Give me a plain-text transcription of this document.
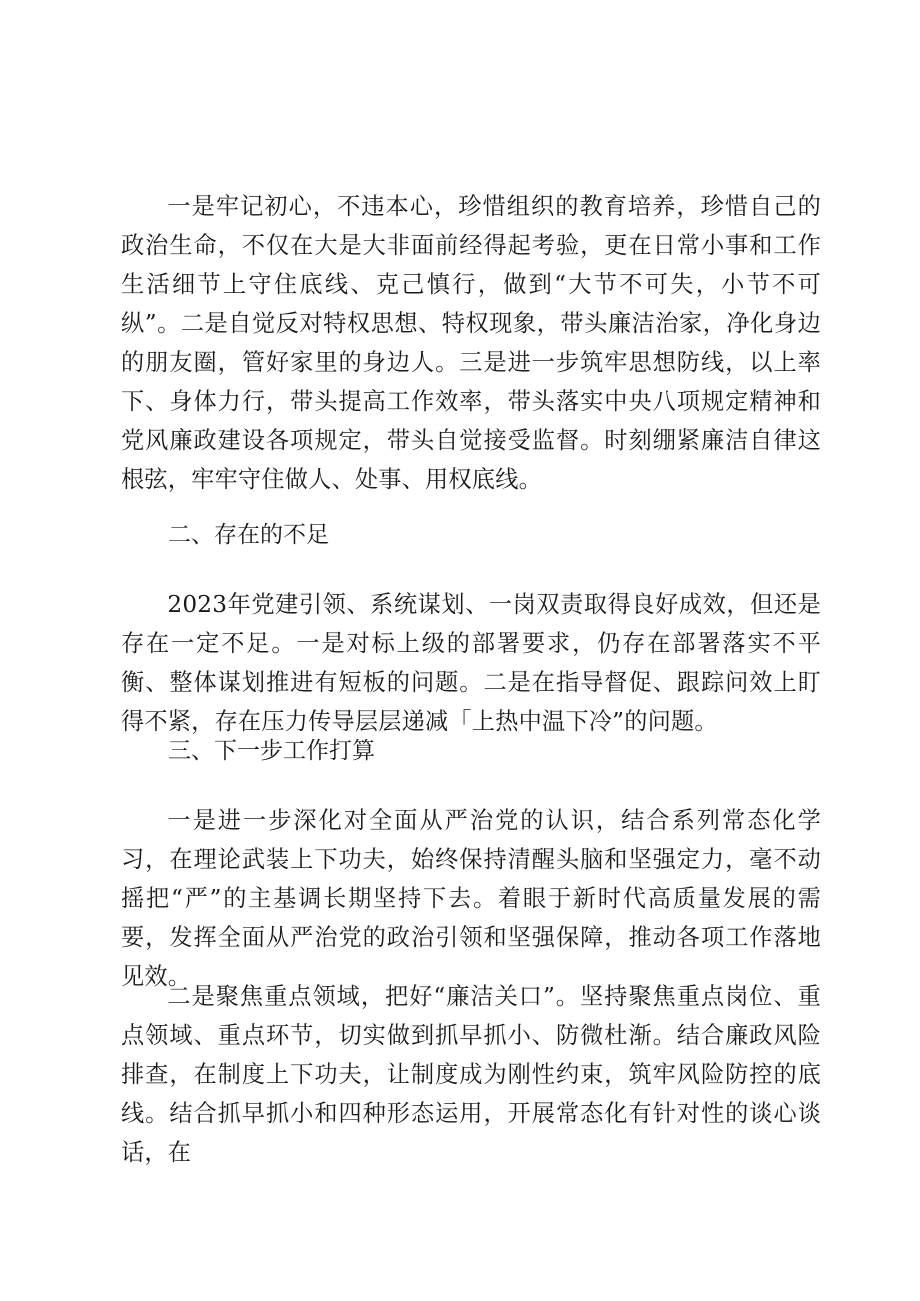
一是牢记初心，不违本心，珍惜组织的教育培养，珍惜自己的政治生命，不仅在大是大非面前经得起考验，更在日常小事和工作生活细节上守住底线、克己慎行，做到“大节不可失，小节不可纵”。二是自觉反对特权思想、特权现象，带头廉洁治家，净化身边的朋友圈，管好家里的身边人。三是进一步筑牢思想防线，以上率下、身体力行，带头提高工作效率，带头落实中央八项规定精神和党风廉政建设各项规定，带头自觉接受监督。时刻绷紧廉洁自律这根弦，牢牢守住做人、处事、用权底线。

二、存在的不足

2023年党建引领、系统谋划、一岗双责取得良好成效，但还是存在一定不足。一是对标上级的部署要求，仍存在部署落实不平衡、整体谋划推进有短板的问题。二是在指导督促、跟踪问效上盯得不紧，存在压力传导层层递减「上热中温下冷”的问题。

三、下一步工作打算

一是进一步深化对全面从严治党的认识，结合系列常态化学习，在理论武装上下功夫，始终保持清醒头脑和坚强定力，毫不动摇把“严”的主基调长期坚持下去。着眼于新时代高质量发展的需要，发挥全面从严治党的政治引领和坚强保障，推动各项工作落地见效。

二是聚焦重点领域，把好“廉洁关口”。坚持聚焦重点岗位、重点领域、重点环节，切实做到抓早抓小、防微杜渐。结合廉政风险排查，在制度上下功夫，让制度成为刚性约束，筑牢风险防控的底线。结合抓早抓小和四种形态运用，开展常态化有针对性的谈心谈话，在
